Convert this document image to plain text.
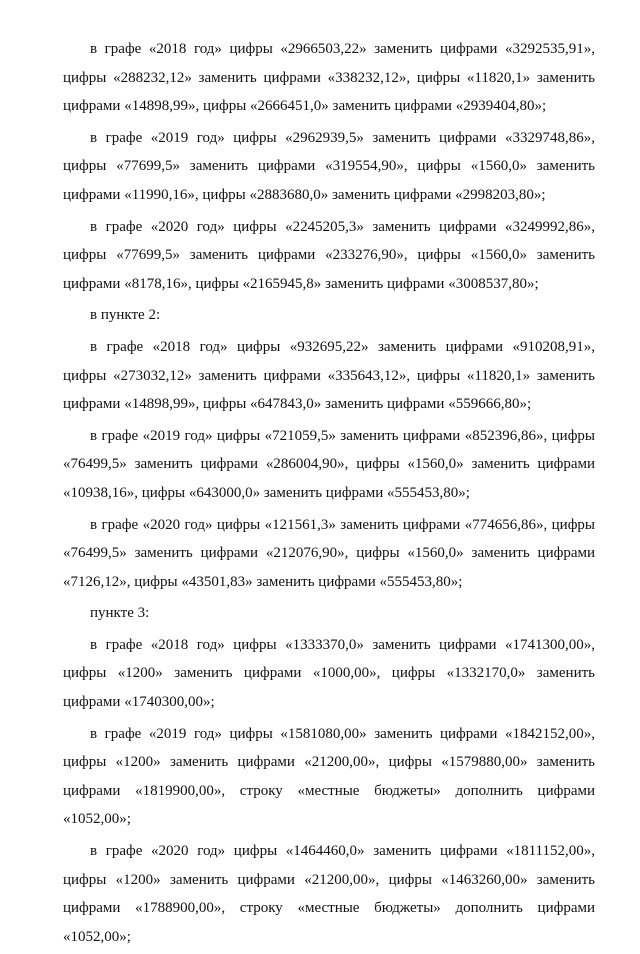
в графе «2018 год» цифры «2966503,22» заменить цифрами «3292535,91», цифры «288232,12» заменить цифрами «338232,12», цифры «11820,1» заменить цифрами «14898,99», цифры «2666451,0» заменить цифрами «2939404,80»;

в графе «2019 год» цифры «2962939,5» заменить цифрами «3329748,86», цифры «77699,5» заменить цифрами «319554,90», цифры «1560,0» заменить цифрами «11990,16», цифры «2883680,0» заменить цифрами «2998203,80»;

в графе «2020 год» цифры «2245205,3» заменить цифрами «3249992,86», цифры «77699,5» заменить цифрами «233276,90», цифры «1560,0» заменить цифрами «8178,16», цифры «2165945,8» заменить цифрами «3008537,80»;

в пункте 2:

в графе «2018 год» цифры «932695,22» заменить цифрами «910208,91», цифры «273032,12» заменить цифрами «335643,12», цифры «11820,1» заменить цифрами «14898,99», цифры «647843,0» заменить цифрами «559666,80»;

в графе «2019 год» цифры «721059,5» заменить цифрами «852396,86», цифры «76499,5» заменить цифрами «286004,90», цифры «1560,0» заменить цифрами «10938,16», цифры «643000,0» заменить цифрами «555453,80»;

в графе «2020 год» цифры «121561,3» заменить цифрами «774656,86», цифры «76499,5» заменить цифрами «212076,90», цифры «1560,0» заменить цифрами «7126,12», цифры «43501,83» заменить цифрами «555453,80»;

пункте 3:

в графе «2018 год» цифры «1333370,0» заменить цифрами «1741300,00», цифры «1200» заменить цифрами «1000,00», цифры «1332170,0» заменить цифрами «1740300,00»;

в графе «2019 год» цифры «1581080,00» заменить цифрами «1842152,00», цифры «1200» заменить цифрами «21200,00», цифры «1579880,00» заменить цифрами «1819900,00», строку «местные бюджеты» дополнить цифрами «1052,00»;

в графе «2020 год» цифры «1464460,0» заменить цифрами «1811152,00», цифры «1200» заменить цифрами «21200,00», цифры «1463260,00» заменить цифрами «1788900,00», строку «местные бюджеты» дополнить цифрами «1052,00»;
